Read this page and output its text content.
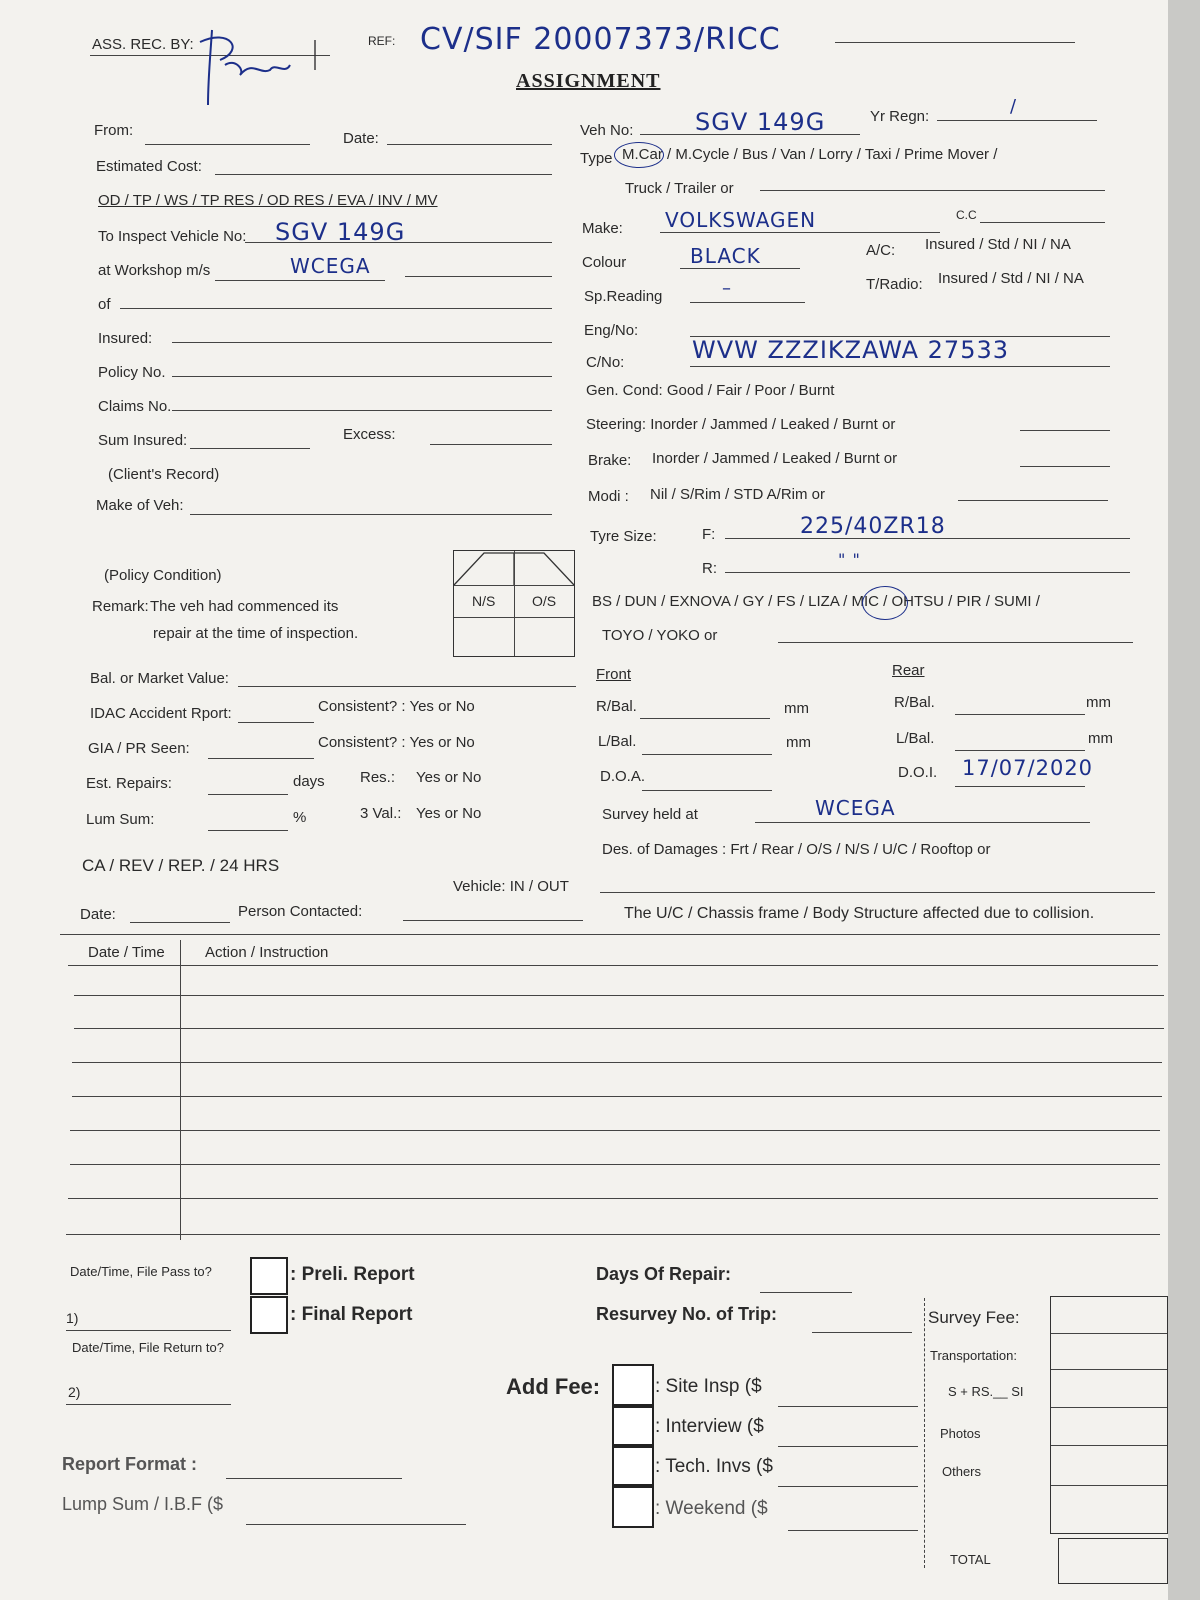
ASS. REC. BY:	REF: CV/SIF 20007373/RICC
ASSIGNMENT
From:	Date:
Estimated Cost:
OD / TP / WS / TP RES / OD RES / EVA / INV / MV
To Inspect Vehicle No: SGV 149G
at Workshop m/s	WCEGA
of
Insured:
Policy No.
Claims No.
Sum Insured:	Excess:
(Client's Record)
Make of Veh:
(Policy Condition)
Remark: The veh had commenced its
repair at the time of inspection.
N/S	O/S
Bal. or Market Value:
IDAC Accident Rport:	Consistent? : Yes or No
GIA / PR Seen:	Consistent? : Yes or No
Est. Repairs:	days Res.: Yes or No
Lum Sum:	%	3 Val.: Yes or No
CA / REV / REP. / 24 HRS
Vehicle: IN / OUT
Date:	Person Contacted:
Veh No:	SGV 149G	Yr Regn:	/
Type M.Car / M.Cycle / Bus / Van / Lorry / Taxi / Prime Mover /
Truck / Trailer or
Make: VOLKSWAGEN	C.C
Colour	BLACK	A/C: Insured / Std / NI / NA
Sp.Reading	–	T/Radio: Insured / Std / NI / NA
Eng/No:
C/No:	WVW ZZZIKZAWA 27533
Gen. Cond: Good / Fair / Poor / Burnt
Steering: Inorder / Jammed / Leaked / Burnt or
Brake: Inorder / Jammed / Leaked / Burnt or
Modi : Nil / S/Rim / STD A/Rim or
Tyre Size:	F:	225/40ZR18
R:	" "
BS / DUN / EXNOVA / GY / FS / LIZA / MIC / OHTSU / PIR / SUMI /
TOYO / YOKO or
Front	Rear
R/Bal.	mm	R/Bal.	mm
L/Bal.	mm	L/Bal.	mm
D.O.A.	D.O.I. 17/07/2020
Survey held at	WCEGA
Des. of Damages : Frt / Rear / O/S / N/S / U/C / Rooftop or
The U/C / Chassis frame / Body Structure affected due to collision.
Date / Time	Action / Instruction
Date/Time, File Pass to?
1)
Date/Time, File Return to?
2)
: Preli. Report
: Final Report
Days Of Repair:
Resurvey No. of Trip:
Add Fee:	: Site Insp ($
: Interview ($
: Tech. Invs ($
: Weekend ($
Report Format :
Lump Sum / I.B.F ($
Survey Fee:
Transportation:
S + RS.__ SI
Photos
Others
TOTAL
